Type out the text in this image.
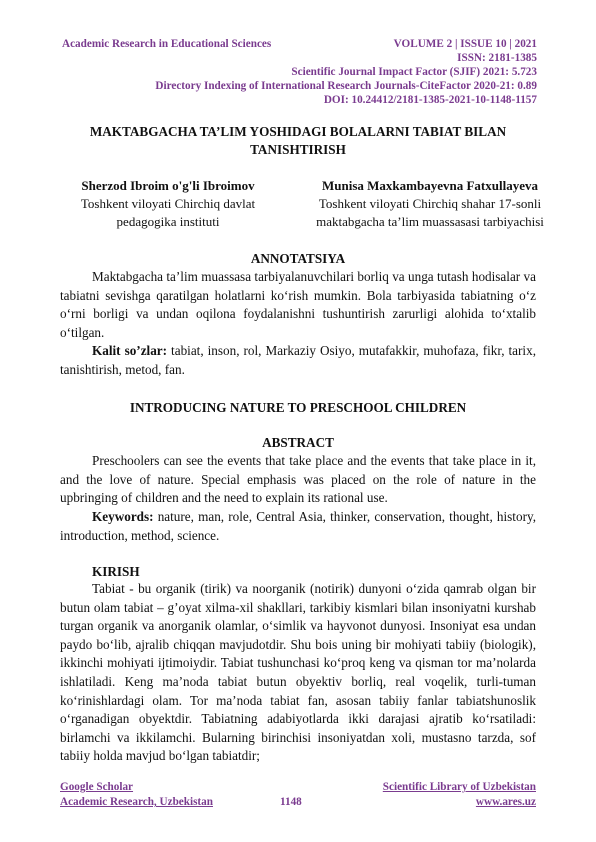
Academic Research in Educational Sciences	VOLUME 2 | ISSUE 10 | 2021
ISSN: 2181-1385
Scientific Journal Impact Factor (SJIF) 2021: 5.723
Directory Indexing of International Research Journals-CiteFactor 2020-21: 0.89
DOI: 10.24412/2181-1385-2021-10-1148-1157
MAKTABGACHA TA’LIM YOSHIDAGI BOLALARNI TABIAT BILAN
TANISHTIRISH
Sherzod Ibroim o'g'li Ibroimov
Toshkent viloyati Chirchiq davlat
pedagogika instituti
Munisa Maxkambayevna Fatxullayeva
Toshkent viloyati Chirchiq shahar 17-sonli
maktabgacha ta’lim muassasasi tarbiyachisi
ANNOTATSIYA

Maktabgacha ta’lim muassasa tarbiyalanuvchilari borliq va unga tutash hodisalar va tabiatni sevishga qaratilgan holatlarni ko‘rish mumkin. Bola tarbiyasida tabiatning o‘z o‘rni borligi va undan oqilona foydalanishni tushuntirish zarurligi alohida to‘xtalib o‘tilgan.

Kalit so’zlar: tabiat, inson, rol, Markaziy Osiyo, mutafakkir, muhofaza, fikr, tarix, tanishtirish, metod, fan.

INTRODUCING NATURE TO PRESCHOOL CHILDREN
ABSTRACT

Preschoolers can see the events that take place and the events that take place in it, and the love of nature. Special emphasis was placed on the role of nature in the upbringing of children and the need to explain its rational use.

Keywords: nature, man, role, Central Asia, thinker, conservation, thought, history, introduction, method, science.

KIRISH

Tabiat - bu organik (tirik) va noorganik (notirik) dunyoni o‘zida qamrab olgan bir butun olam tabiat – g’oyat xilma-xil shakllari, tarkibiy kismlari bilan insoniyatni kurshab turgan organik va anorganik olamlar, o‘simlik va hayvonot dunyosi. Insoniyat esa undan paydo bo‘lib, ajralib chiqqan mavjudotdir. Shu bois uning bir mohiyati tabiiy (biologik), ikkinchi mohiyati ijtimoiydir. Tabiat tushunchasi ko‘proq keng va qisman tor ma’nolarda ishlatiladi. Keng ma’noda tabiat butun obyektiv borliq, real voqelik, turli-tuman ko‘rinishlardagi olam. Tor ma’noda tabiat fan, asosan tabiiy fanlar tabiatshunoslik o‘rganadigan obyektdir. Tabiatning adabiyotlarda ikki darajasi ajratib ko‘rsatiladi: birlamchi va ikkilamchi. Bularning birinchisi insoniyatdan xoli, mustasno tarzda, sof tabiiy holda mavjud bo‘lgan tabiatdir;

Google Scholar
Academic Research, Uzbekistan	1148
Scientific Library of Uzbekistan
www.ares.uz
